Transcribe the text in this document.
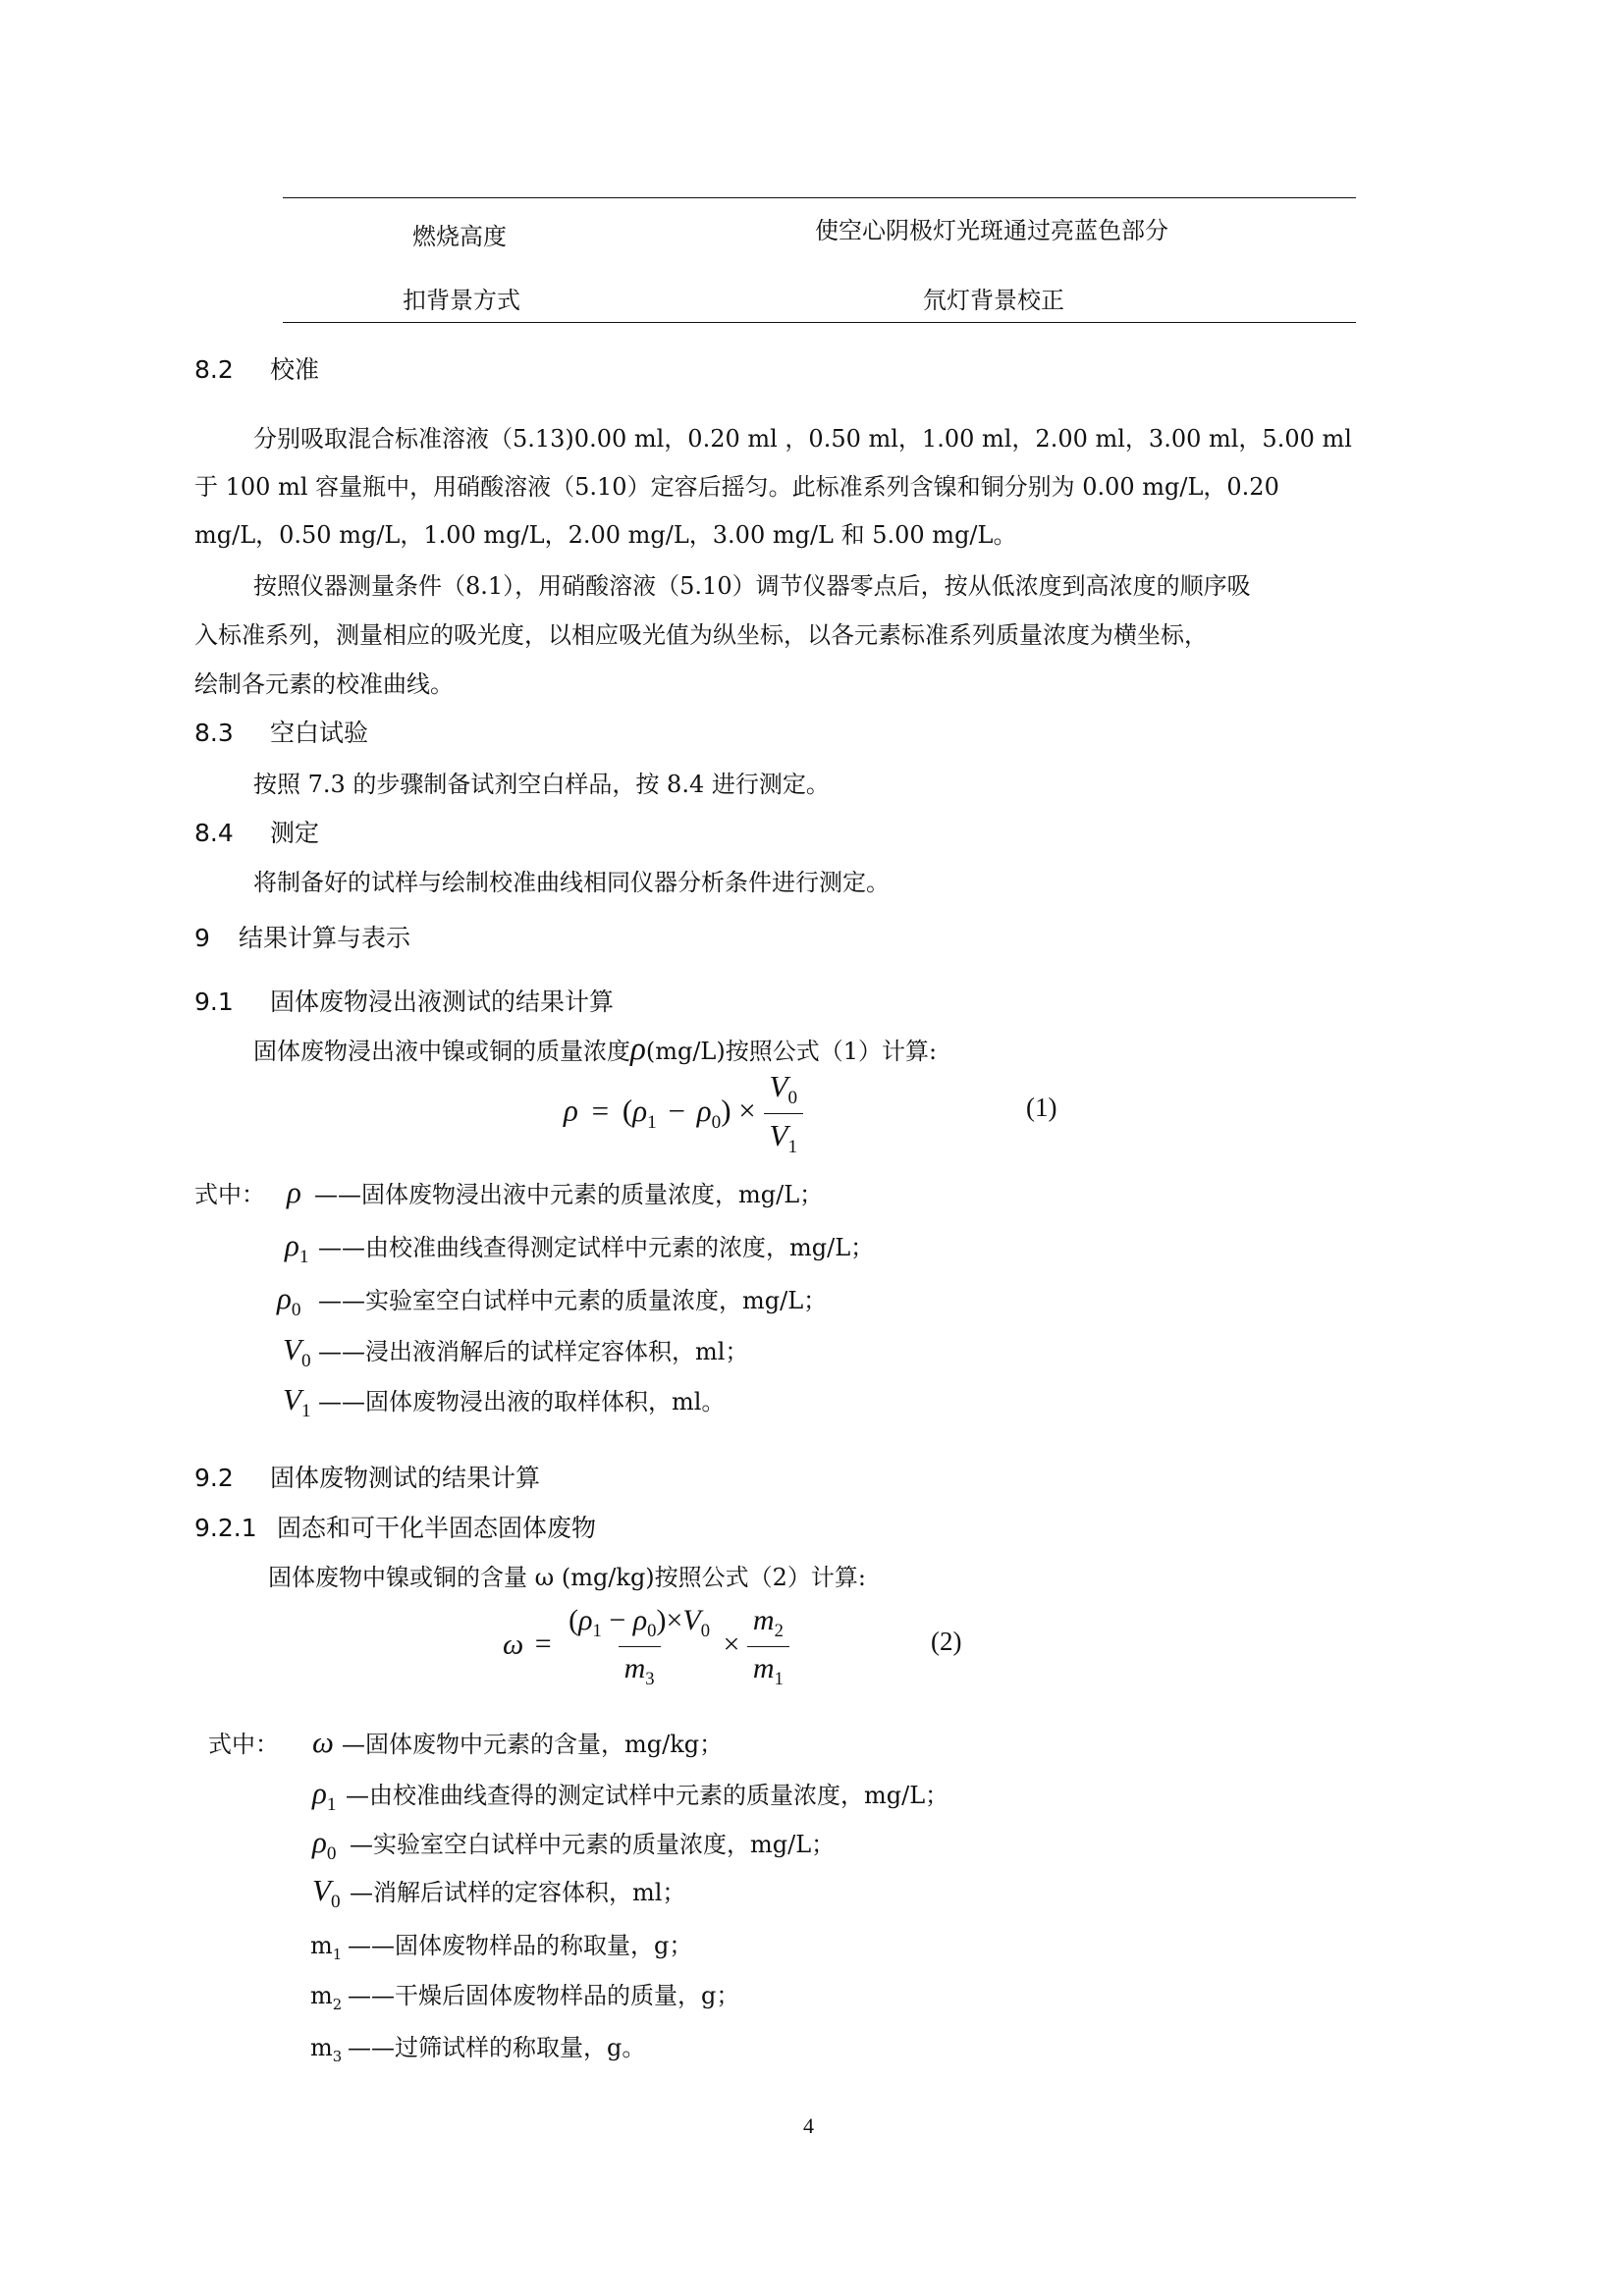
燃烧高度	使空心阴极灯光斑通过亮蓝色部分
扣背景方式	氘灯背景校正
8.2 校准
分别吸取混合标准溶液（5.13)0.00 ml，0.20 ml ，0.50 ml，1.00 ml，2.00 ml，3.00 ml，5.00 ml
于 100 ml 容量瓶中，用硝酸溶液（5.10）定容后摇匀。此标准系列含镍和铜分别为 0.00 mg/L，0.20
mg/L，0.50 mg/L，1.00 mg/L，2.00 mg/L，3.00 mg/L 和 5.00 mg/L。
按照仪器测量条件（8.1），用硝酸溶液（5.10）调节仪器零点后，按从低浓度到高浓度的顺序吸
入标准系列，测量相应的吸光度，以相应吸光值为纵坐标，以各元素标准系列质量浓度为横坐标，
绘制各元素的校准曲线。
8.3 空白试验
按照 7.3 的步骤制备试剂空白样品，按 8.4 进行测定。
8.4 测定
将制备好的试样与绘制校准曲线相同仪器分析条件进行测定。
9 结果计算与表示
9.1 固体废物浸出液测试的结果计算
固体废物浸出液中镍或铜的质量浓度ρ(mg/L)按照公式（1）计算:
$\rho = (\rho_1 - \rho_0) \times \frac{V_0}{V_1}$	(1)
式中： ρ ——固体废物浸出液中元素的质量浓度，mg/L；
$\rho_1$ ——由校准曲线查得测定试样中元素的浓度，mg/L；
$\rho_0$ ——实验室空白试样中元素的质量浓度，mg/L；
$V_0$ ——浸出液消解后的试样定容体积，ml；
$V_1$ ——固体废物浸出液的取样体积，ml。
9.2 固体废物测试的结果计算
9.2.1 固态和可干化半固态固体废物
固体废物中镍或铜的含量 ω (mg/kg)按照公式（2）计算:
$\omega = \frac{(\rho_1 - \rho_0)\times V_0}{m_3} \times \frac{m_2}{m_1}$	(2)
式中： ω —固体废物中元素的含量，mg/kg；
$\rho_1$ —由校准曲线查得的测定试样中元素的质量浓度，mg/L；
$\rho_0$ —实验室空白试样中元素的质量浓度，mg/L；
$V_0$ —消解后试样的定容体积，ml；
$m_1$ ——固体废物样品的称取量，g；
$m_2$ ——干燥后固体废物样品的质量，g；
$m_3$ ——过筛试样的称取量，g。
4
